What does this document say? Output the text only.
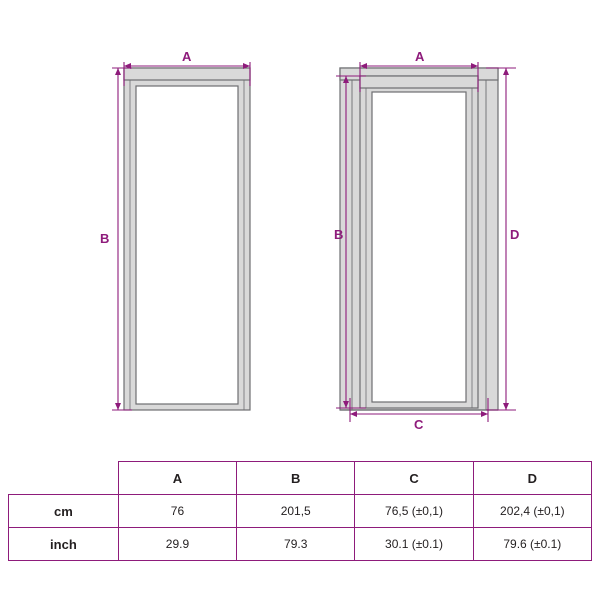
A
B
A
B
C
D
	A	B	C	D
cm	76	201,5	76,5 (±0,1)	202,4 (±0,1)
inch	29.9	79.3	30.1 (±0.1)	79.6 (±0.1)
